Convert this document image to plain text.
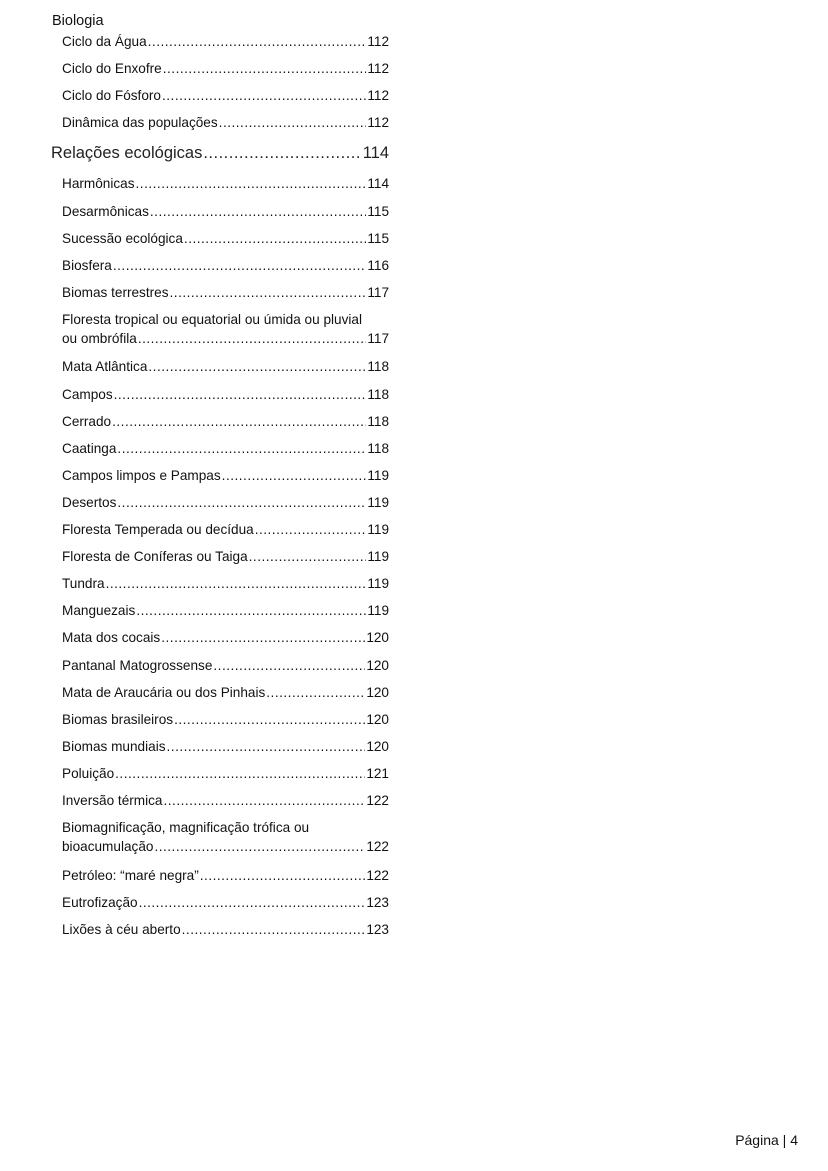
Biologia
Ciclo da Água .....	112
Ciclo do Enxofre .....	112
Ciclo do Fósforo .....	112
Dinâmica das populações .....	112
Relações ecológicas .....	114
Harmônicas .....	114
Desarmônicas .....	115
Sucessão ecológica .....	115
Biosfera .....	116
Biomas terrestres .....	117
Floresta tropical ou equatorial ou úmida ou pluvial
ou ombrófila .....	117
Mata Atlântica .....	118
Campos .....	118
Cerrado .....	118
Caatinga .....	118
Campos limpos e Pampas .....	119
Desertos .....	119
Floresta Temperada ou decídua .....	119
Floresta de Coníferas ou Taiga .....	119
Tundra .....	119
Manguezais .....	119
Mata dos cocais .....	120
Pantanal Matogrossense .....	120
Mata de Araucária ou dos Pinhais .....	120
Biomas brasileiros .....	120
Biomas mundiais .....	120
Poluição .....	121
Inversão térmica .....	122
Biomagnificação, magnificação trófica ou
bioacumulação .....	122
Petróleo: “maré negra” .....	122
Eutrofização .....	123
Lixões à céu aberto .....	123
Página | 4
